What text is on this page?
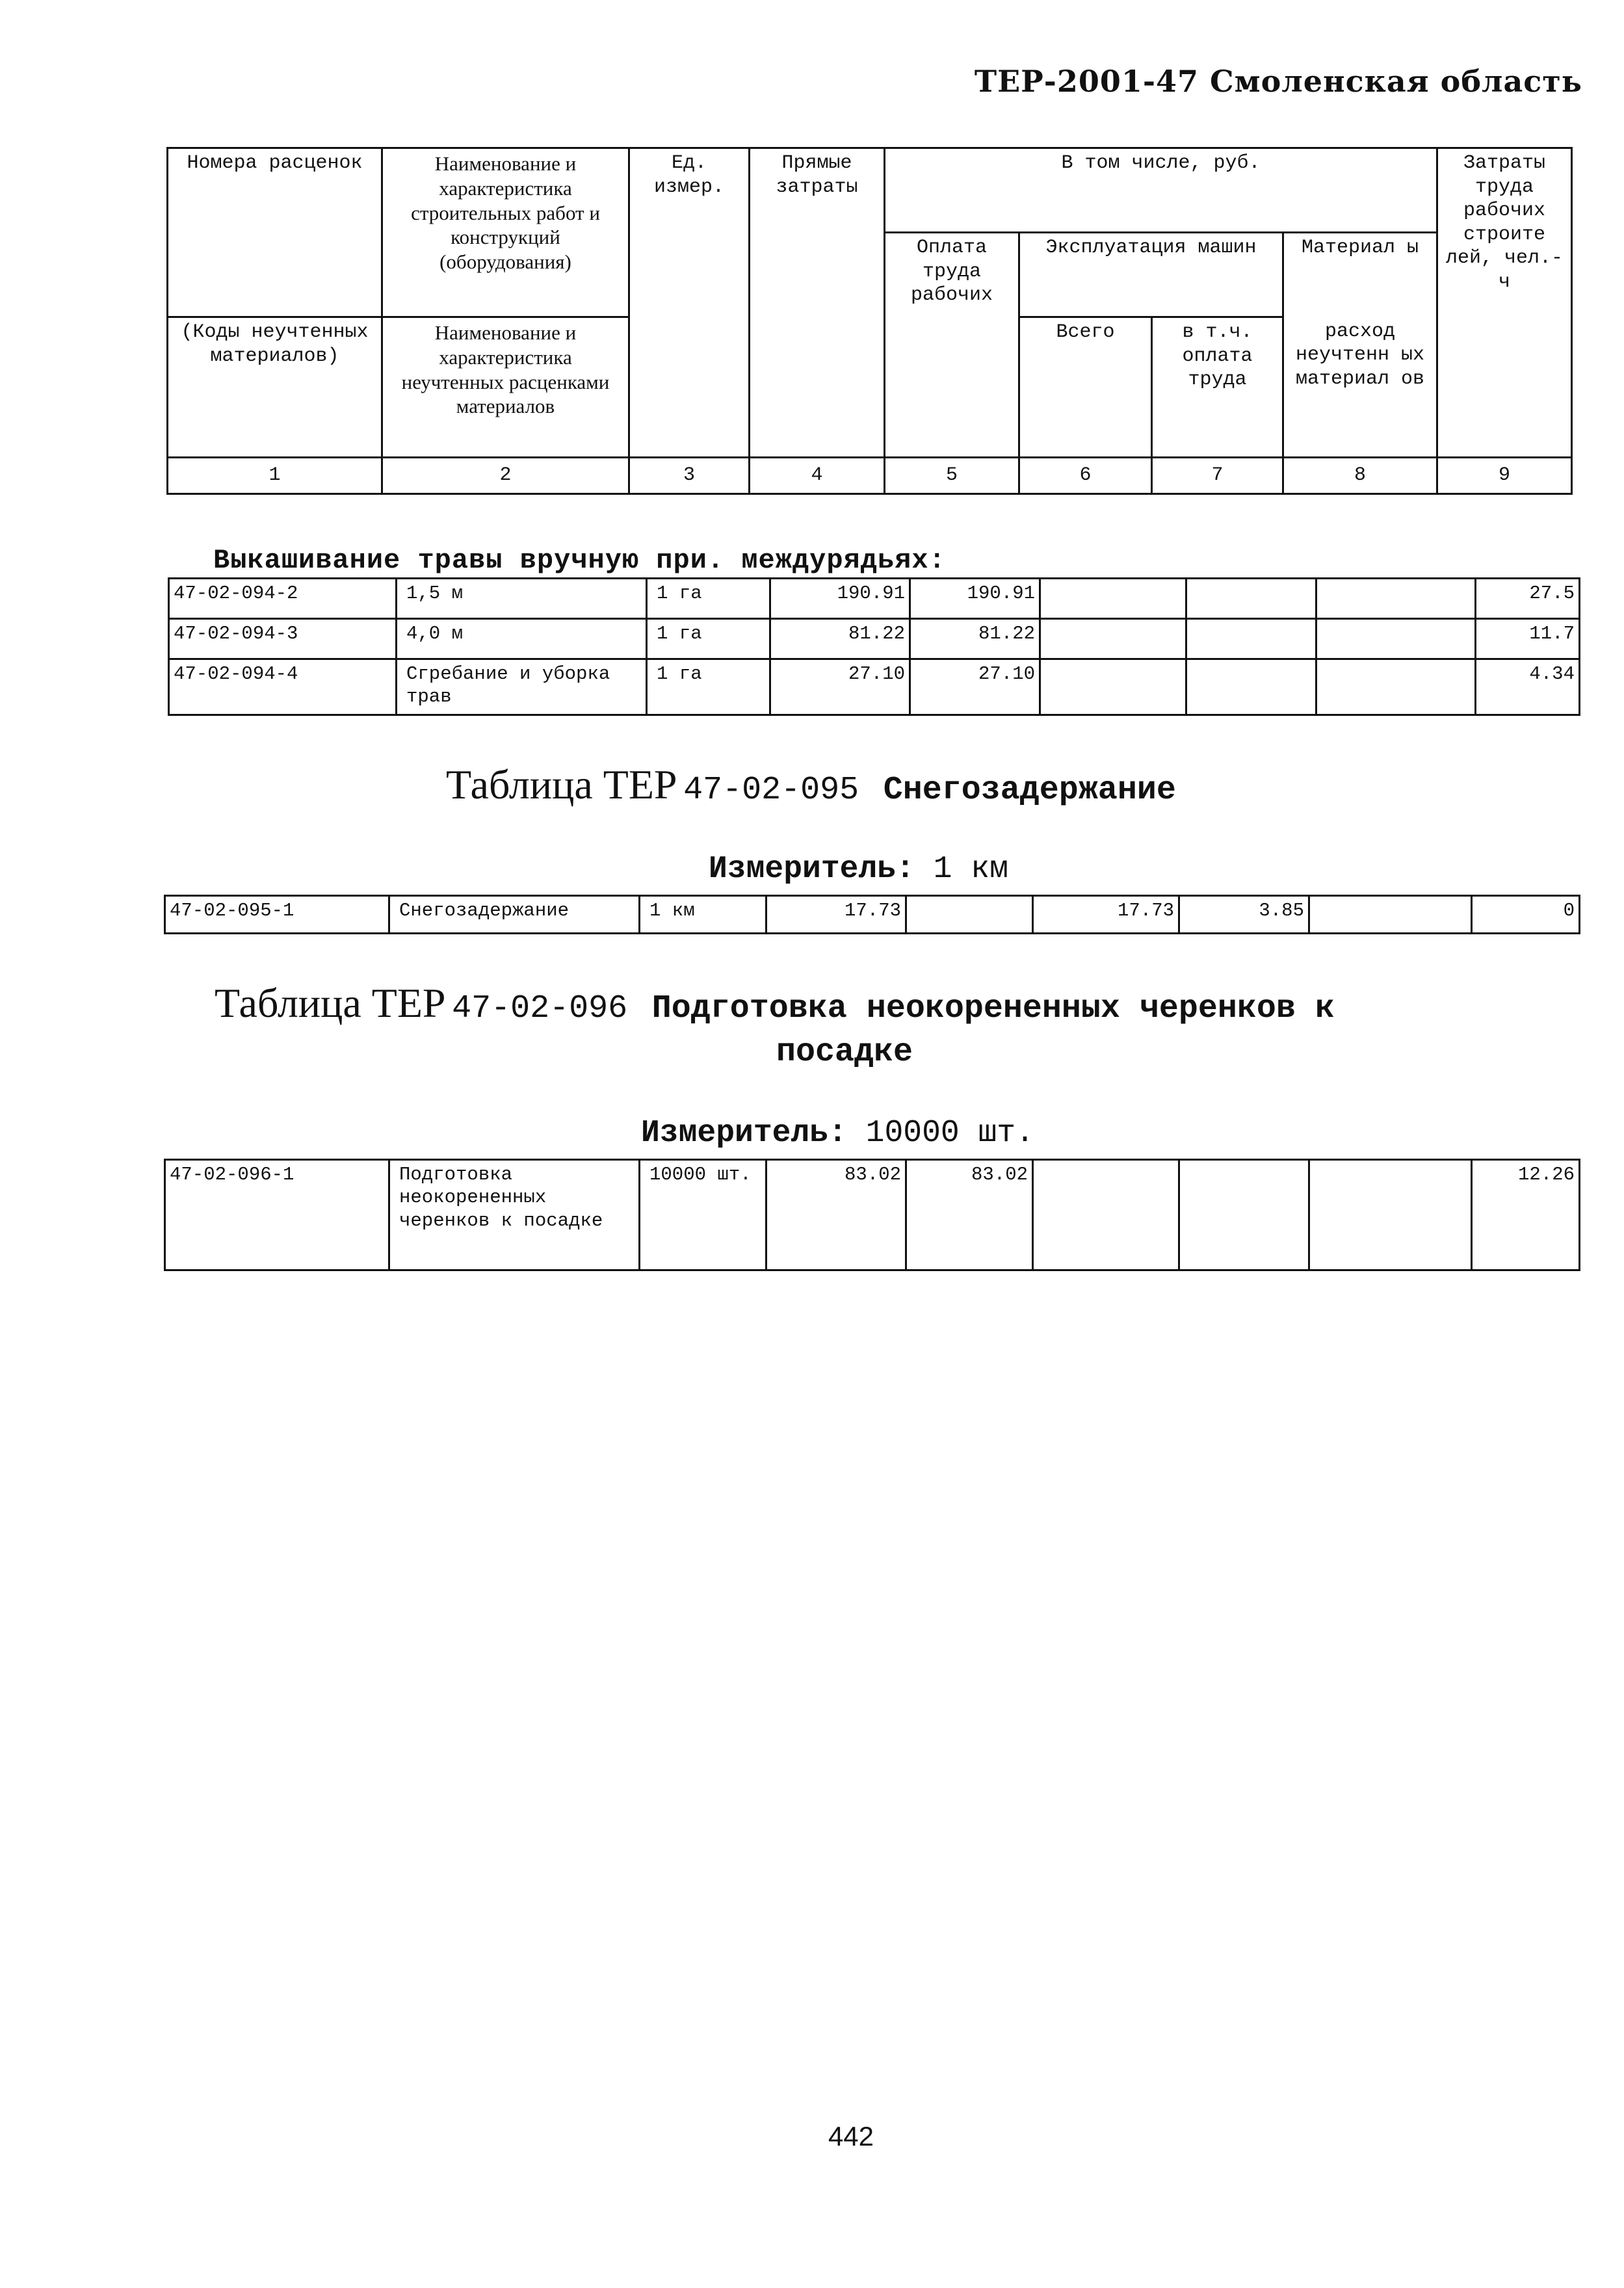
ТЕР-2001-47 Смоленская область
Номера расценок	Наименование и характеристика строительных работ и конструкций (оборудования)	Ед. измер.	Прямые затраты	В том числе, руб.				Затраты труда рабочих строите лей, чел.-ч
				Оплата труда рабочих	Эксплуатация машин		Материал ы	
(Коды неучтенных материалов)	Наименование и характеристика неучтенных расценками материалов				Всего	в т.ч. оплата труда	расход неучтенн ых материал ов	
1	2	3	4	5	6	7	8	9
Выкашивание травы вручную при. междурядьях:
47-02-094-2	1,5 м	1 га	190.91	190.91				27.5
47-02-094-3	4,0 м	1 га	81.22	81.22				11.7
47-02-094-4	Сгребание и уборка трав	1 га	27.10	27.10				4.34
Таблица ТЕР 47-02-095 Снегозадержание
Измеритель: 1 км
47-02-095-1	Снегозадержание	1 км	17.73		17.73	3.85		0
Таблица ТЕР 47-02-096 Подготовка неокорененных черенков к
посадке
Измеритель: 10000 шт.
47-02-096-1	Подготовка неокорененных черенков к посадке	10000 шт.	83.02	83.02				12.26
442
